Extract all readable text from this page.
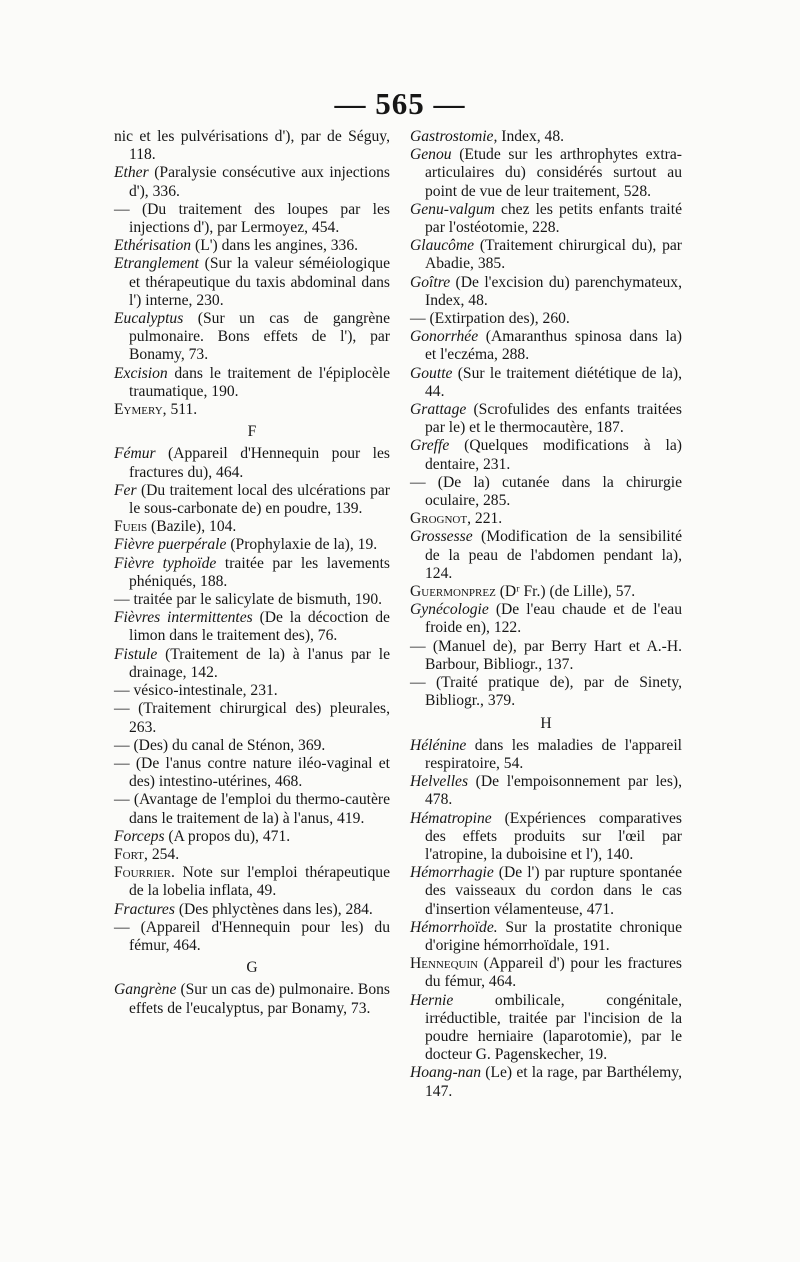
— 565 —

nic et les pulvérisations d'), par de Séguy, 118.

Ether (Paralysie consécutive aux injections d'), 336.

— (Du traitement des loupes par les injections d'), par Lermoyez, 454.

Ethérisation (L') dans les angines, 336.

Etranglement (Sur la valeur séméiologique et thérapeutique du taxis abdominal dans l') interne, 230.

Eucalyptus (Sur un cas de gangrène pulmonaire. Bons effets de l'), par Bonamy, 73.

Excision dans le traitement de l'épiplocèle traumatique, 190.

Eymery, 511.

F

Fémur (Appareil d'Hennequin pour les fractures du), 464.

Fer (Du traitement local des ulcérations par le sous-carbonate de) en poudre, 139.

Fueis (Bazile), 104.

Fièvre puerpérale (Prophylaxie de la), 19.

Fièvre typhoïde traitée par les lavements phéniqués, 188.

— traitée par le salicylate de bismuth, 190.

Fièvres intermittentes (De la décoction de limon dans le traitement des), 76.

Fistule (Traitement de la) à l'anus par le drainage, 142.

— vésico-intestinale, 231.

— (Traitement chirurgical des) pleurales, 263.

— (Des) du canal de Sténon, 369.

— (De l'anus contre nature iléo-vaginal et des) intestino-utérines, 468.

— (Avantage de l'emploi du thermo-cautère dans le traitement de la) à l'anus, 419.

Forceps (A propos du), 471.

Fort, 254.

Fourrier. Note sur l'emploi thérapeutique de la lobelia inflata, 49.

Fractures (Des phlyctènes dans les), 284.

— (Appareil d'Hennequin pour les) du fémur, 464.

G

Gangrène (Sur un cas de) pulmonaire. Bons effets de l'eucalyptus, par Bonamy, 73.

Gastrostomie, Index, 48.

Genou (Etude sur les arthrophytes extra-articulaires du) considérés surtout au point de vue de leur traitement, 528.

Genu-valgum chez les petits enfants traité par l'ostéotomie, 228.

Glaucôme (Traitement chirurgical du), par Abadie, 385.

Goître (De l'excision du) parenchymateux, Index, 48.

— (Extirpation des), 260.

Gonorrhée (Amaranthus spinosa dans la) et l'eczéma, 288.

Goutte (Sur le traitement diététique de la), 44.

Grattage (Scrofulides des enfants traitées par le) et le thermocautère, 187.

Greffe (Quelques modifications à la) dentaire, 231.

— (De la) cutanée dans la chirurgie oculaire, 285.

Grognot, 221.

Grossesse (Modification de la sensibilité de la peau de l'abdomen pendant la), 124.

Guermonprez (Dʳ Fr.) (de Lille), 57.

Gynécologie (De l'eau chaude et de l'eau froide en), 122.

— (Manuel de), par Berry Hart et A.-H. Barbour, Bibliogr., 137.

— (Traité pratique de), par de Sinety, Bibliogr., 379.

H

Hélénine dans les maladies de l'appareil respiratoire, 54.

Helvelles (De l'empoisonnement par les), 478.

Hématropine (Expériences comparatives des effets produits sur l'œil par l'atropine, la duboisine et l'), 140.

Hémorrhagie (De l') par rupture spontanée des vaisseaux du cordon dans le cas d'insertion vélamenteuse, 471.

Hémorrhoïde. Sur la prostatite chronique d'origine hémorrhoïdale, 191.

Hennequin (Appareil d') pour les fractures du fémur, 464.

Hernie ombilicale, congénitale, irréductible, traitée par l'incision de la poudre herniaire (laparotomie), par le docteur G. Pagenskecher, 19.

Hoang-nan (Le) et la rage, par Barthélemy, 147.
